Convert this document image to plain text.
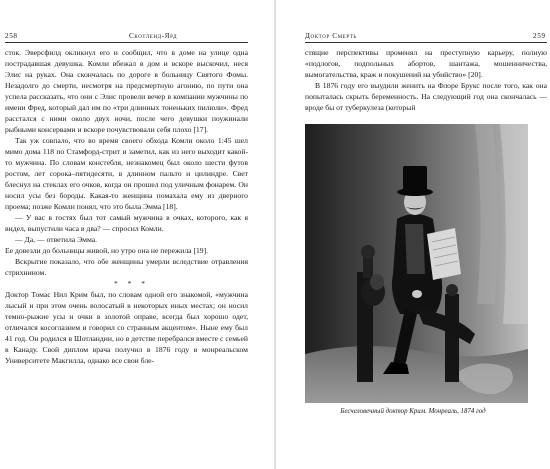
258	Скотленд-Ярд

сток. Эверсфилд окликнул его и сообщил, что в доме на улице одна пострадавшая девушка. Комли вбежал в дом и вскоре выскочил, неся Элис на руках. Она скончалась по дороге в больницу Святого Фомы. Незадолго до смерти, несмотря на предсмертную агонию, по пути она успела рассказать, что они с Элис провели вечер в компании мужчины по имени Фред, который дал им по «три длинных тоненьких пилюли». Фред расстался с ними около двух ночи, после чего девушки поужинали рыбными консервами и вскоре почувствовали себя плохо [17].

Так уж совпало, что во время своего обхода Комли около 1:45 шел мимо дома 118 по Стамфорд-стрит и заметил, как из него выходит какой-то мужчина. По словам констебля, незнакомец был около шести футов ростом, лет сорока–пятидесяти, в длинном пальто и цилиндре. Свет блеснул на стеклах его очков, когда он прошел под уличным фонарем. Он носил усы без бороды. Какая-то женщина помахала ему из дверного проема; позже Комли понял, что это была Эмма [18].

— У вас в гостях был тот самый мужчина в очках, которого, как я видел, выпустили часа в два? — спросил Комли.

— Да, — ответила Эмма.

Ее довезли до больницы живой, но утро она не пережила [19].

Вскрытие показало, что обе женщины умерли вследствие отравления стрихнином.

* * *

Доктор Томас Нил Крим был, по словам одной его знакомой, «мужчина лысый и при этом очень волосатый в некоторых иных местах; он носил темно-рыжие усы и очки в золотой оправе, всегда был хорошо одет, отличался косоглазием и говорил со странным акцентом». Ныне ему был 41 год. Он родился в Шотландии, но в детстве перебрался вместе с семьей в Канаду. Свой диплом врача получил в 1876 году в монреальском Университете Макгилла, однако все свои бле-

Доктор Смерть	259

стящие перспективы променял на преступную карьеру, полную «подлогов, подпольных абортов, шантажа, мошенничества, вымогательства, краж и покушений на убийство» [20].

В 1876 году его выудили женить на Флоре Брукс после того, как она попыталась скрыть беременность. На следующий год она скончалась — вроде бы от туберкулеза (который

Бесчеловечный доктор Крим. Монреаль, 1874 год
